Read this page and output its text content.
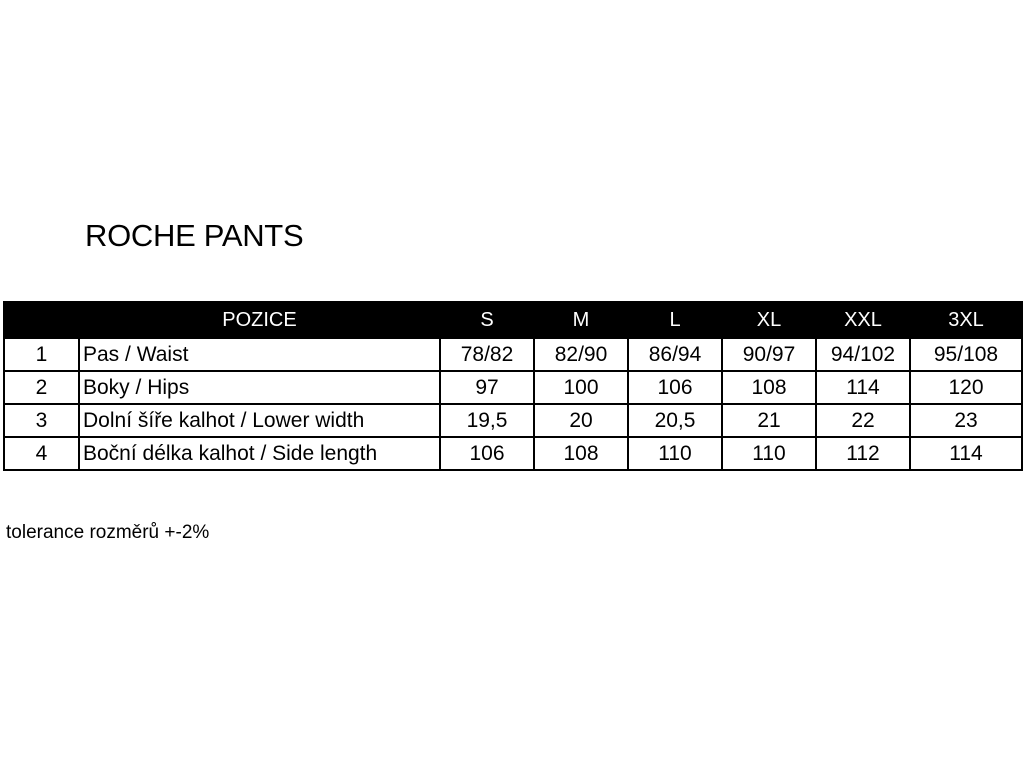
ROCHE PANTS
	POZICE	S	M	L	XL	XXL	3XL
1	Pas / Waist	78/82	82/90	86/94	90/97	94/102	95/108
2	Boky / Hips	97	100	106	108	114	120
3	Dolní šíře kalhot / Lower width	19,5	20	20,5	21	22	23
4	Boční délka kalhot / Side length	106	108	110	110	112	114
tolerance rozměrů +-2%
